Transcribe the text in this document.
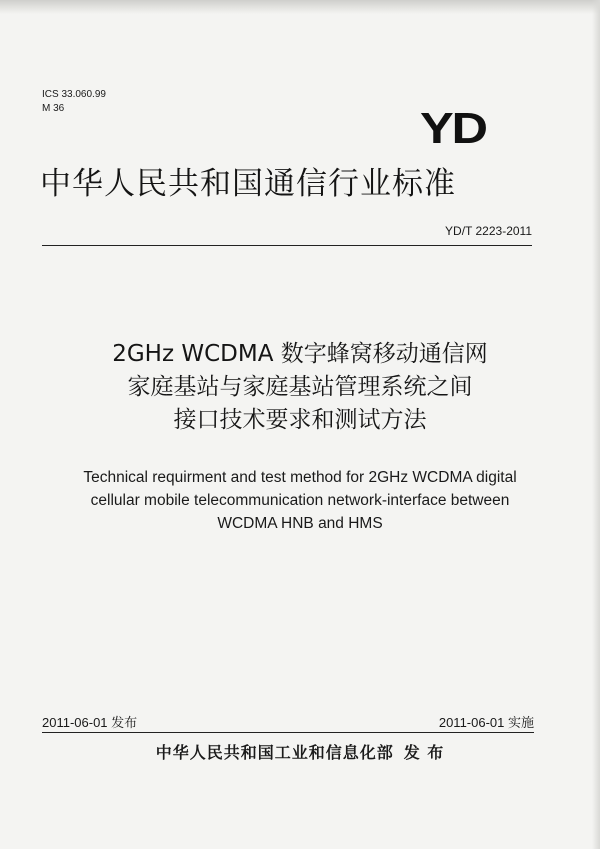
ICS 33.060.99
M 36	YD
中华人民共和国通信行业标准
YD/T 2223-2011
2GHz WCDMA 数字蜂窝移动通信网
家庭基站与家庭基站管理系统之间
接口技术要求和测试方法
Technical requirment and test method for 2GHz WCDMA digital
cellular mobile telecommunication network-interface between
WCDMA HNB and HMS
2011-06-01 发布	2011-06-01 实施
中华人民共和国工业和信息化部 发 布
